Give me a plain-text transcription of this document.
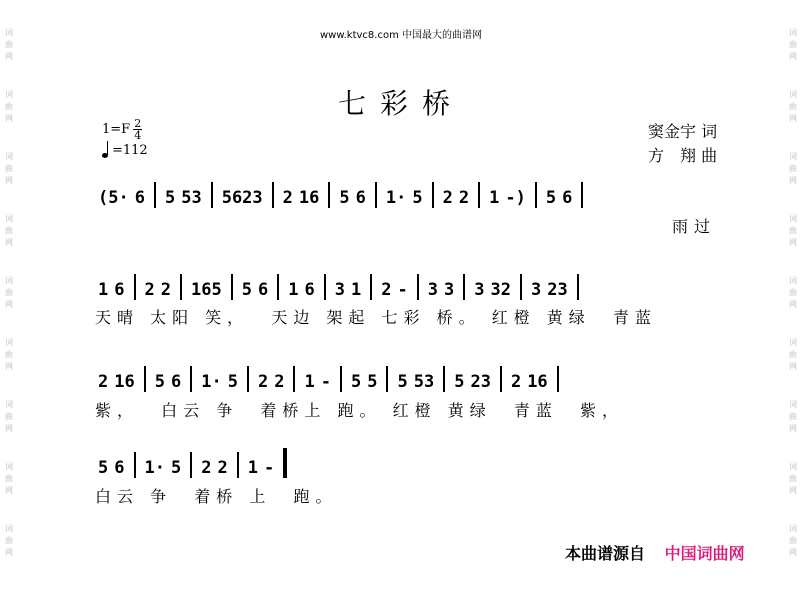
词
曲
网
词
曲
网
词
曲
网
词
曲
网
词
曲
网
词
曲
网
词
曲
网
词
曲
网
词
曲
网
词
曲
网
词
曲
网
词
曲
网
词
曲
网
词
曲
网
词
曲
网
词
曲
网
词
曲
网
词
曲
网
www.ktvc8.com 中国最大的曲谱网
七彩桥
$1=F \frac{2}{4}$
=112
窦金宇 词
方　翔 曲
(5· 6 5 53 5623 2 16 5 6 1· 5 2 2 1 -) 5 6
雨过
1 6 2 2 165 5 6 1 6 3 1 2 - 3 3 3 32 3 23
天晴 太阳 笑，  天边 架起 七彩 桥。 红橙 黄绿  青蓝
2 16 5 6 1· 5 2 2 1 - 5 5 5 53 5 23 2 16
紫，  白云 争  着桥上 跑。 红橙 黄绿  青蓝  紫，
5 6 1· 5 2 2 1 -
白云 争  着桥 上  跑。
本曲谱源自 中国词曲网
